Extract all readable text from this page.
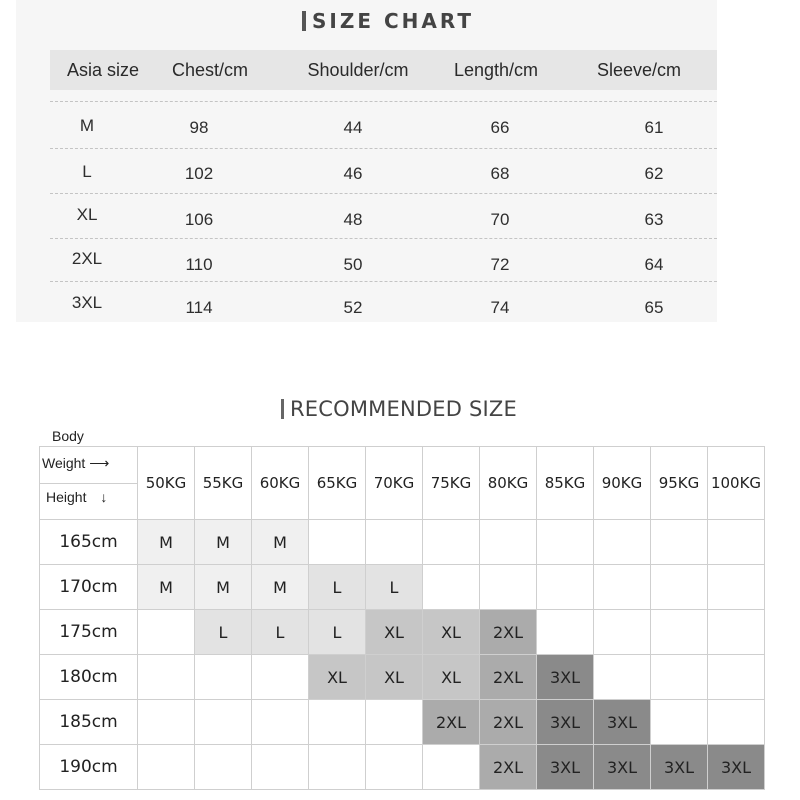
SIZE CHART
Asia size Chest/cm	Shoulder/cm	Length/cm	Sleeve/cm
M	98	44	66	61
L	102	46	68	62
XL	106	48	70	63
2XL	110	50	72	64
3XL	114	52	74	65
RECOMMENDED SIZE
Body
Weight ⟶
Height ↓	50KG	55KG	60KG	65KG	70KG	75KG	80KG	85KG	90KG	95KG	100KG
165cm	M	M	M								
170cm	M	M	M	L	L						
175cm		L	L	L	XL	XL	2XL				
180cm				XL	XL	XL	2XL	3XL			
185cm						2XL	2XL	3XL	3XL		
190cm							2XL	3XL	3XL	3XL	3XL
